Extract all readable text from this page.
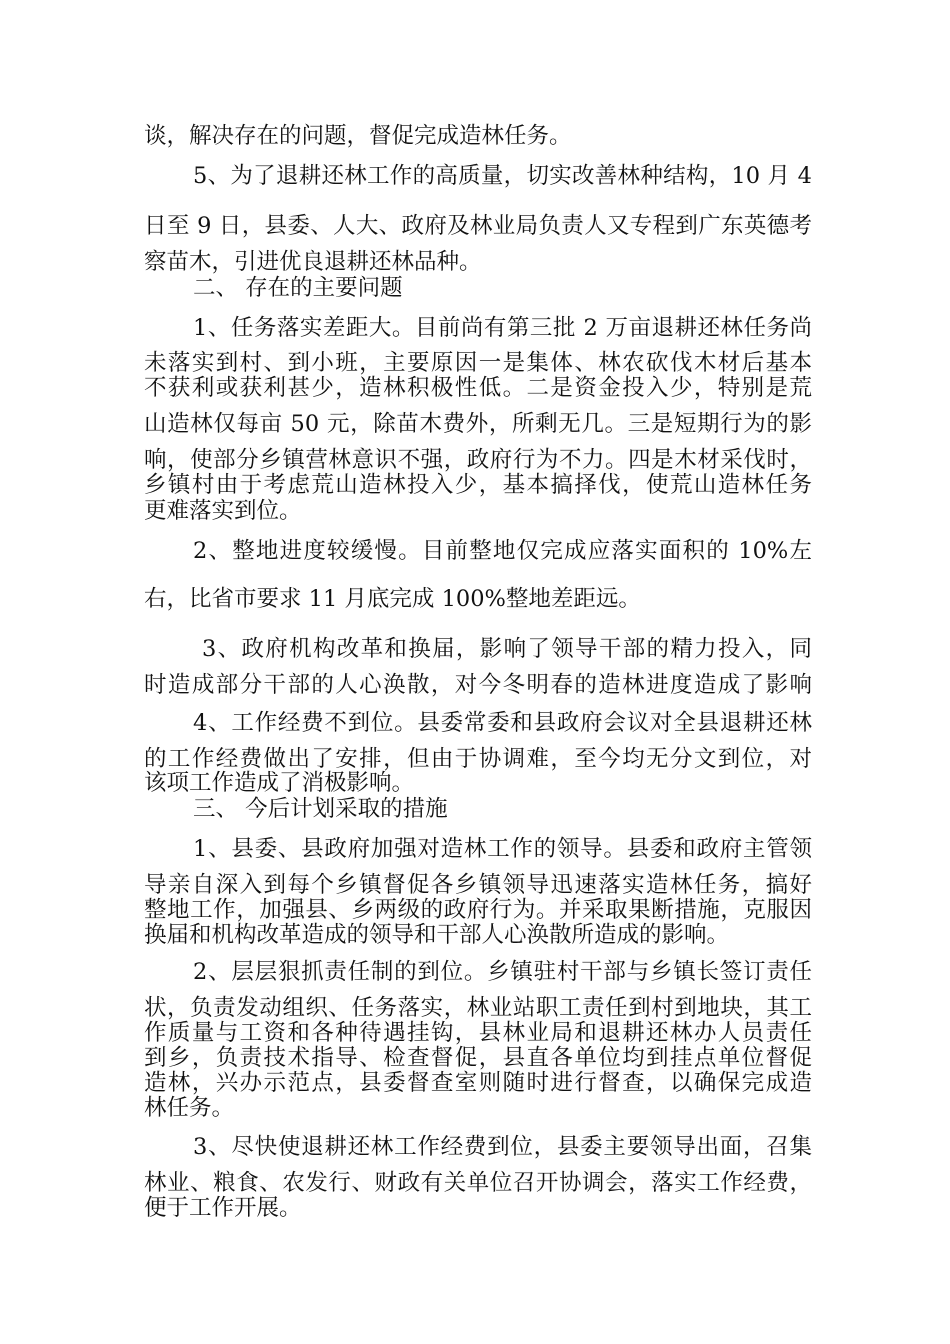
谈，解决存在的问题，督促完成造林任务。
5、为了退耕还林工作的高质量，切实改善林种结构，10 月 4
日至 9 日，县委、人大、政府及林业局负责人又专程到广东英德考
察苗木，引进优良退耕还林品种。
二、 存在的主要问题
1、任务落实差距大。目前尚有第三批 2 万亩退耕还林任务尚
未落实到村、到小班，主要原因一是集体、林农砍伐木材后基本
不获利或获利甚少，造林积极性低。二是资金投入少，特别是荒
山造林仅每亩 50 元，除苗木费外，所剩无几。三是短期行为的影
响，使部分乡镇营林意识不强，政府行为不力。四是木材采伐时，
乡镇村由于考虑荒山造林投入少，基本搞择伐，使荒山造林任务
更难落实到位。
2、整地进度较缓慢。目前整地仅完成应落实面积的 10%左
右，比省市要求 11 月底完成 100%整地差距远。
3、政府机构改革和换届，影响了领导干部的精力投入，同
时造成部分干部的人心涣散，对今冬明春的造林进度造成了影响
4、工作经费不到位。县委常委和县政府会议对全县退耕还林
的工作经费做出了安排，但由于协调难，至今均无分文到位，对
该项工作造成了消极影响。
三、 今后计划采取的措施
1、县委、县政府加强对造林工作的领导。县委和政府主管领
导亲自深入到每个乡镇督促各乡镇领导迅速落实造林任务，搞好
整地工作，加强县、乡两级的政府行为。并采取果断措施，克服因
换届和机构改革造成的领导和干部人心涣散所造成的影响。
2、层层狠抓责任制的到位。乡镇驻村干部与乡镇长签订责任
状，负责发动组织、任务落实，林业站职工责任到村到地块，其工
作质量与工资和各种待遇挂钩，县林业局和退耕还林办人员责任
到乡，负责技术指导、检查督促，县直各单位均到挂点单位督促
造林，兴办示范点，县委督查室则随时进行督查，以确保完成造
林任务。
3、尽快使退耕还林工作经费到位，县委主要领导出面，召集
林业、粮食、农发行、财政有关单位召开协调会，落实工作经费，
便于工作开展。
